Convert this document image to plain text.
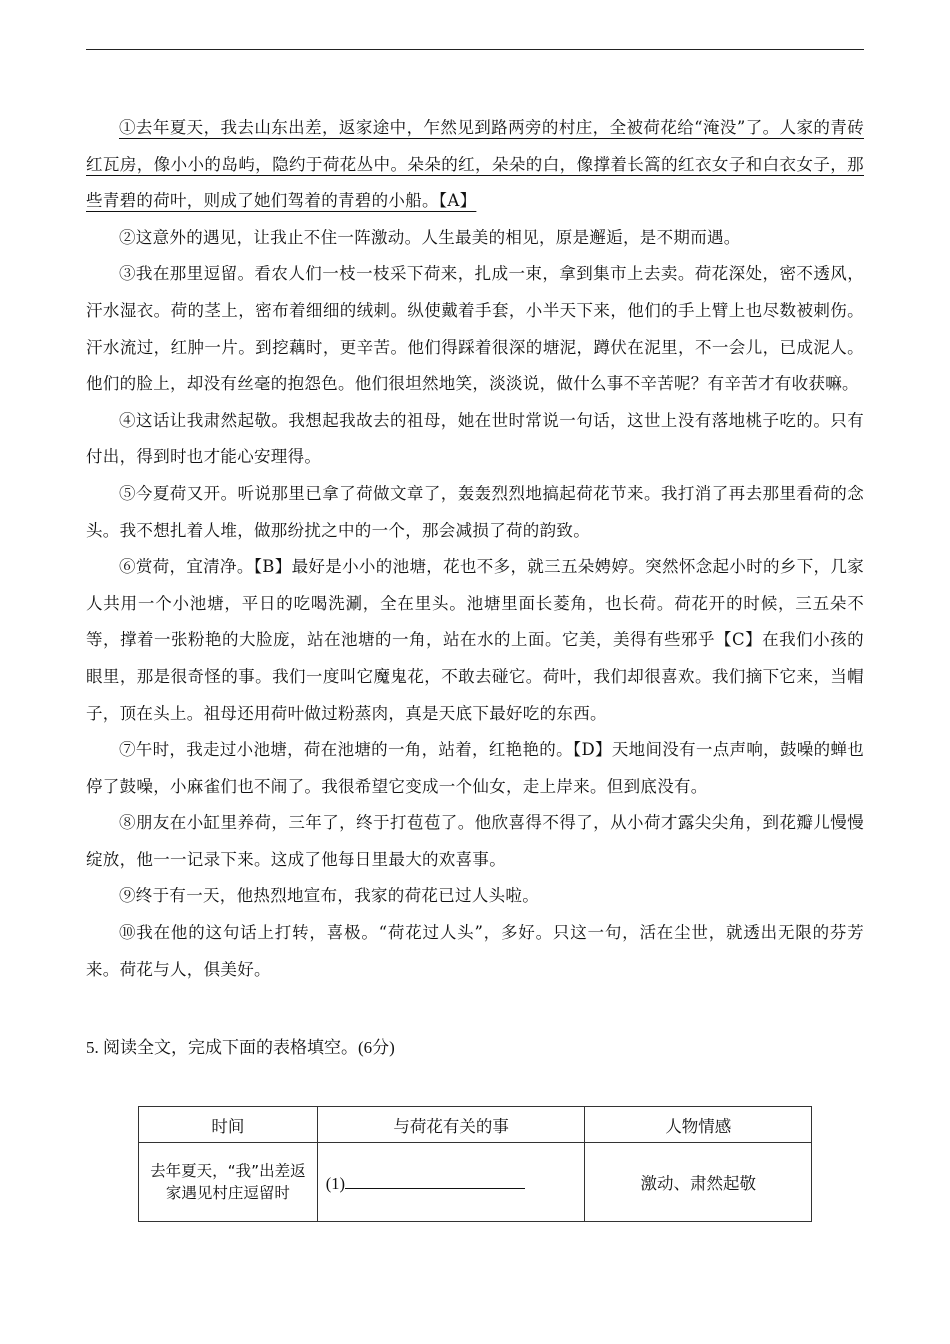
①去年夏天，我去山东出差，返家途中，乍然见到路两旁的村庄，全被荷花给“淹没”了。人家的青砖红瓦房，像小小的岛屿，隐约于荷花丛中。朵朵的红，朵朵的白，像撑着长篙的红衣女子和白衣女子，那些青碧的荷叶，则成了她们驾着的青碧的小船。【A】

②这意外的遇见，让我止不住一阵激动。人生最美的相见，原是邂逅，是不期而遇。

③我在那里逗留。看农人们一枝一枝采下荷来，扎成一束，拿到集市上去卖。荷花深处，密不透风，汗水湿衣。荷的茎上，密布着细细的绒刺。纵使戴着手套，小半天下来，他们的手上臂上也尽数被刺伤。汗水流过，红肿一片。到挖藕时，更辛苦。他们得踩着很深的塘泥，蹲伏在泥里，不一会儿，已成泥人。他们的脸上，却没有丝毫的抱怨色。他们很坦然地笑，淡淡说，做什么事不辛苦呢？有辛苦才有收获嘛。

④这话让我肃然起敬。我想起我故去的祖母，她在世时常说一句话，这世上没有落地桃子吃的。只有付出，得到时也才能心安理得。

⑤今夏荷又开。听说那里已拿了荷做文章了，轰轰烈烈地搞起荷花节来。我打消了再去那里看荷的念头。我不想扎着人堆，做那纷扰之中的一个，那会减损了荷的韵致。

⑥赏荷，宜清净。【B】最好是小小的池塘，花也不多，就三五朵娉婷。突然怀念起小时的乡下，几家人共用一个小池塘，平日的吃喝洗涮，全在里头。池塘里面长菱角，也长荷。荷花开的时候，三五朵不等，撑着一张粉艳的大脸庞，站在池塘的一角，站在水的上面。它美，美得有些邪乎【C】在我们小孩的眼里，那是很奇怪的事。我们一度叫它魔鬼花，不敢去碰它。荷叶，我们却很喜欢。我们摘下它来，当帽子，顶在头上。祖母还用荷叶做过粉蒸肉，真是天底下最好吃的东西。

⑦午时，我走过小池塘，荷在池塘的一角，站着，红艳艳的。【D】天地间没有一点声响，鼓噪的蝉也停了鼓噪，小麻雀们也不闹了。我很希望它变成一个仙女，走上岸来。但到底没有。

⑧朋友在小缸里养荷，三年了，终于打苞苞了。他欣喜得不得了，从小荷才露尖尖角，到花瓣儿慢慢绽放，他一一记录下来。这成了他每日里最大的欢喜事。

⑨终于有一天，他热烈地宣布，我家的荷花已过人头啦。

⑩我在他的这句话上打转，喜极。“荷花过人头”，多好。只这一句，活在尘世，就透出无限的芬芳来。荷花与人，俱美好。

5. 阅读全文，完成下面的表格填空。(6分)
时间	与荷花有关的事	人物情感
去年夏天，“我”出差返家遇见村庄逗留时	(1)	激动、肃然起敬
